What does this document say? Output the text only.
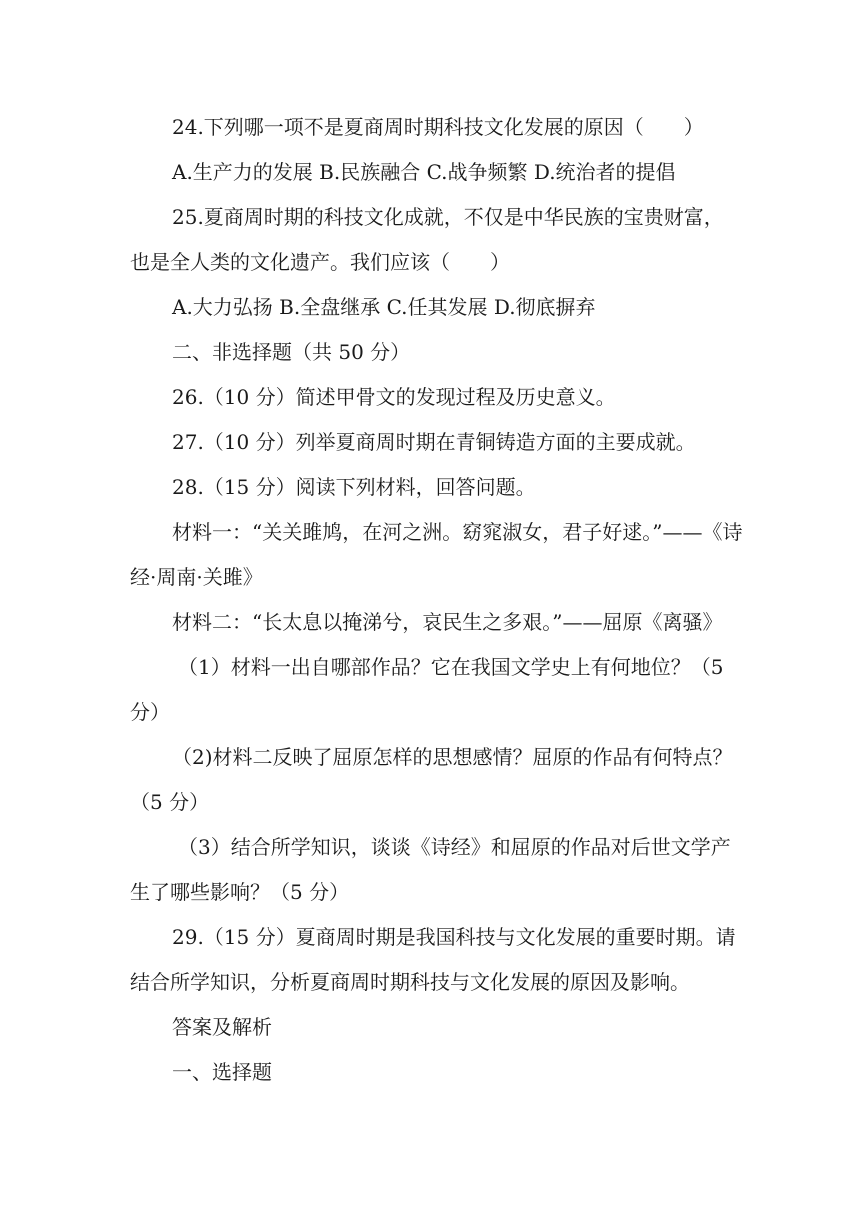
24.下列哪一项不是夏商周时期科技文化发展的原因（　　）
A.生产力的发展 B.民族融合 C.战争频繁 D.统治者的提倡
25.夏商周时期的科技文化成就，不仅是中华民族的宝贵财富，
也是全人类的文化遗产。我们应该（　　）
A.大力弘扬 B.全盘继承 C.任其发展 D.彻底摒弃
二、非选择题（共 50 分）
26.（10 分）简述甲骨文的发现过程及历史意义。
27.（10 分）列举夏商周时期在青铜铸造方面的主要成就。
28.（15 分）阅读下列材料，回答问题。
材料一：“关关雎鸠，在河之洲。窈窕淑女，君子好逑。”——《诗
经·周南·关雎》
材料二：“长太息以掩涕兮，哀民生之多艰。”——屈原《离骚》
（1）材料一出自哪部作品？它在我国文学史上有何地位？（5
分）
（2)材料二反映了屈原怎样的思想感情？屈原的作品有何特点？
（5 分）
（3）结合所学知识，谈谈《诗经》和屈原的作品对后世文学产
生了哪些影响？（5 分）
29.（15 分）夏商周时期是我国科技与文化发展的重要时期。请
结合所学知识，分析夏商周时期科技与文化发展的原因及影响。
答案及解析
一、选择题
